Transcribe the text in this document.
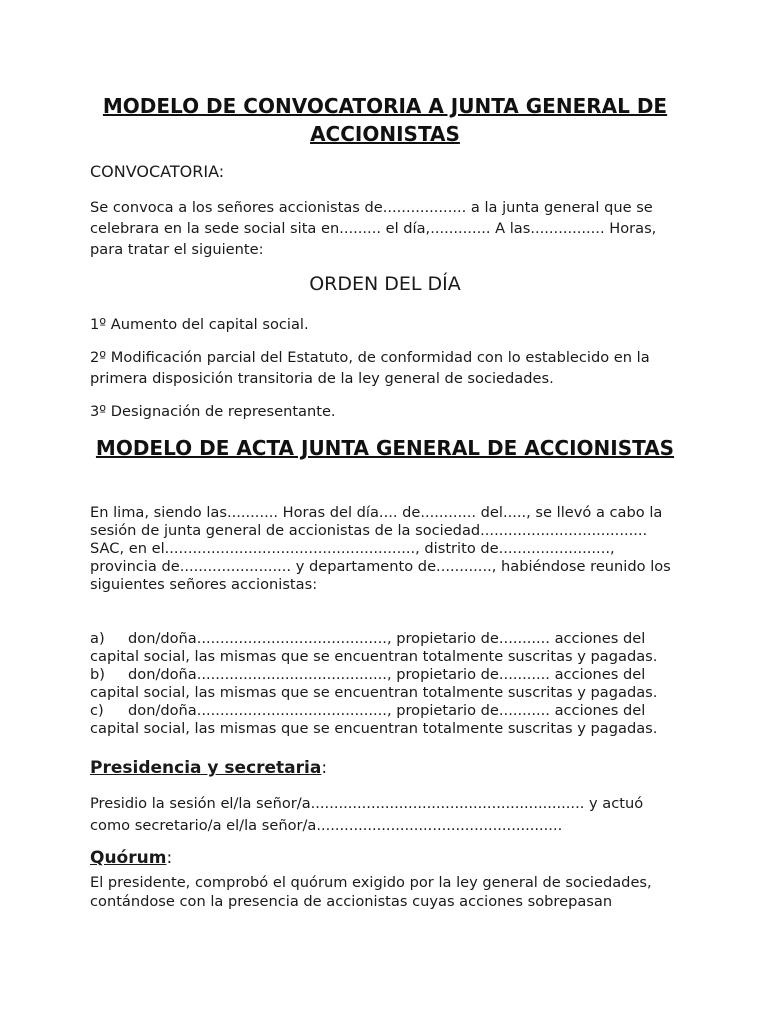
MODELO DE CONVOCATORIA A JUNTA GENERAL DE ACCIONISTAS
CONVOCATORIA:
Se convoca a los señores accionistas de.................. a la junta general que se celebrara en la sede social sita en......... el día,............. A las................ Horas, para tratar el siguiente:
ORDEN DEL DÍA
1º Aumento del capital social.
2º Modificación parcial del Estatuto, de conformidad con lo establecido en la primera disposición transitoria de la ley general de sociedades.
3º Designación de representante.
MODELO DE ACTA JUNTA GENERAL DE ACCIONISTAS
En lima, siendo las........... Horas del día.... de............ del....., se llevó a cabo la sesión de junta general de accionistas de la sociedad.................................... SAC, en el......................................................, distrito de........................, provincia de........................ y departamento de............, habiéndose reunido los siguientes señores accionistas:

a) don/doña........................................., propietario de........... acciones del capital social, las mismas que se encuentran totalmente suscritas y pagadas.

b) don/doña........................................., propietario de........... acciones del capital social, las mismas que se encuentran totalmente suscritas y pagadas.

c) don/doña........................................., propietario de........... acciones del capital social, las mismas que se encuentran totalmente suscritas y pagadas.

Presidencia y secretaria:
Presidio la sesión el/la señor/a........................................................... y actuó como secretario/a el/la señor/a.....................................................
Quórum:
El presidente, comprobó el quórum exigido por la ley general de sociedades, contándose con la presencia de accionistas cuyas acciones sobrepasan
